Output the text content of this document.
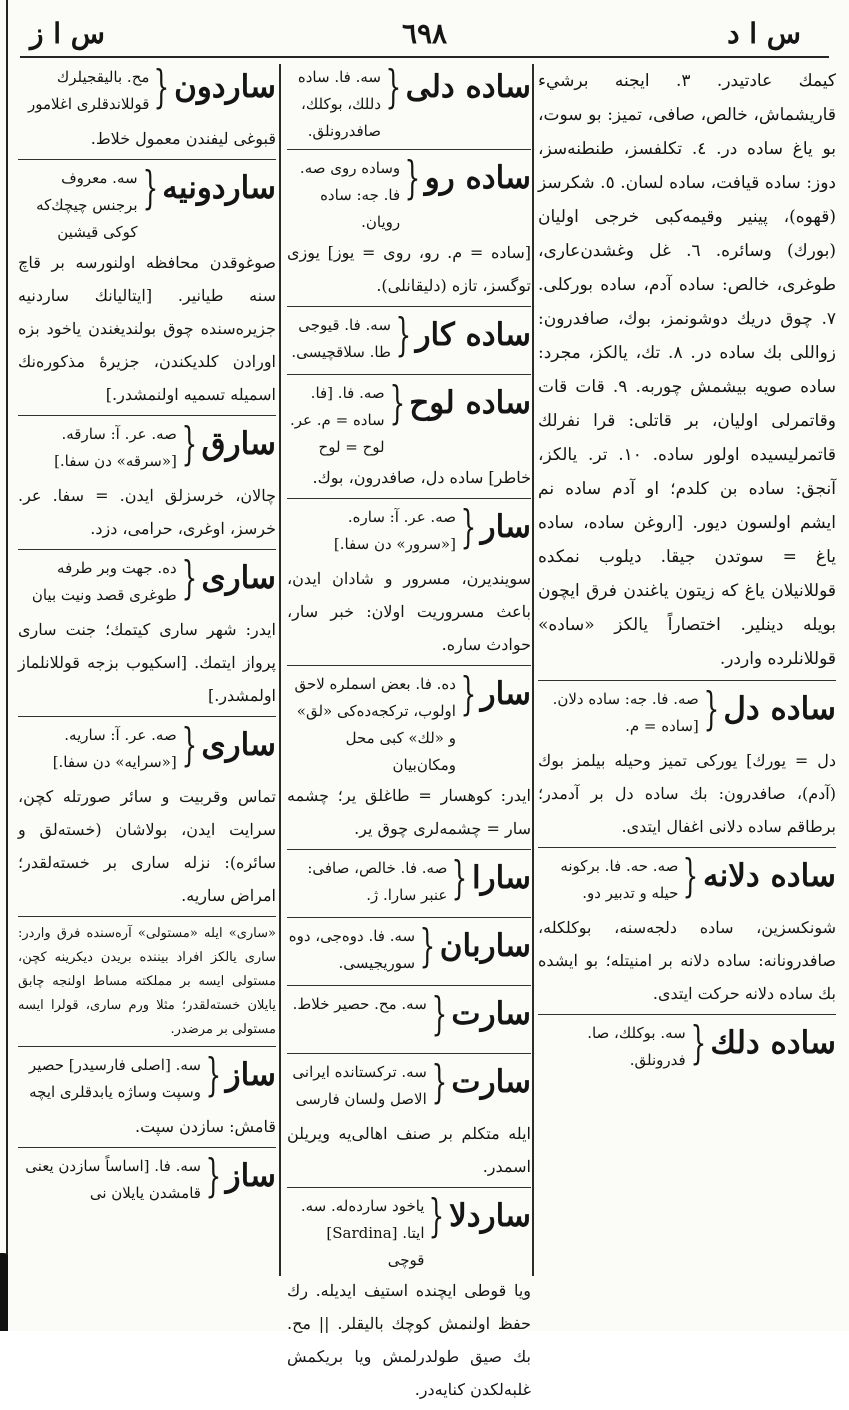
س ا د
٦٩٨
س ا ز
كيمك عادتيدر. ٣. ايجنه برشيء قاريشماش، خالص، صافى، تميز: بو سوت، بو ياغ ساده در. ٤. تكلفسز، طنطنه‌سز، دوز: ساده قيافت، ساده لسان. ٥. شكرسز (قهوه)، پينير وقيمه‌كبى خرجى اوليان (بورك) وسائره. ٦. غل وغشدن‌عارى، طوغرى، خالص: ساده آدم، ساده بوركلى. ٧. چوق دريك دوشونمز، بوك، صافدرون: زواللى بك ساده در. ٨. تك، يالكز، مجرد: ساده صويه بيشمش چوربه. ٩. قات قات وقاتمرلى اوليان، بر قاتلى: قرا نفرلك قاتمرليسيده اولور ساده. ١٠. تر. يالكز، آنجق: ساده بن كلدم؛ او آدم ساده نم ايشم اولسون ديور. [اروغن ساده، ساده ياغ = سوتدن جيقا. ديلوب نمكده قوللانيلان ياغ كه زيتون ياغندن فرق ايچون بويله دينلير. اختصاراً يالكز «ساده» قوللانلرده واردر.
ساده دل
{
صه. فا. جه: ساده دلان. [ساده = م.
دل = يورك] يوركى تميز وحيله بيلمز بوك (آدم)، صافدرون: بك ساده دل بر آدمدر؛ برطاقم ساده دلانى اغفال ايتدى.
ساده دلانه
{
صه. حه. فا. بركونه حيله و تدبير دو.
شونكسزين، ساده دلجه‌سنه، بوكلكله، صافدرونانه: ساده دلانه بر امنيتله؛ بو ايشده بك ساده دلانه حركت ايتدى.
ساده دلك
{
سه. بوكلك، صا. فدرونلق.
ساده دلى
{
سه. فا. ساده دللك، بوكلك، صافدرونلق.
ساده رو
{
وساده روى صه. فا. جه: ساده رويان.
[ساده = م. رو، روى = يوز] يوزى توگسز، تازه (دليقانلى).
ساده كار
{
سه. فا. قيوجى طا. سلاقچيسى.
ساده لوح
{
صه. فا. [فا. ساده = م. عر. لوح = لوح
خاطر] ساده دل، صافدرون، بوك.
سار
{
صه. عر. آ: ساره. [«سرور» دن سفا.]
سوينديرن، مسرور و شادان ايدن، باعث مسروريت اولان: خبر سار، حوادث ساره.
سار
{
ده. فا. بعض اسملره لاحق اولوب، تركجه‌ده‌كى «لق» و «لك» كبى محل ومكان‌بيان
ايدر: كوهسار = طاغلق ير؛ چشمه سار = چشمه‌لرى چوق ير.
سارا
{
صه. فا. خالص، صافى: عنبر سارا. ژ.
ساربان
{
سه. فا. دوه‌جى، دوه سوريجيسى.
سارت
{
سه. مح. حصير خلاط.
سارت
{
سه. تركستانده ايرانى الاصل ولسان فارسى
ايله متكلم بر صنف اهالى‌يه ويريلن اسمدر.
ساردلا
{
ياخود سارده‌له. سه. ايتا. [Sardina] قوچى
ويا قوطى ايچنده استيف ايديله. رك حفظ اولنمش كوچك باليقلر. || مح. بك صيق طولدرلمش ويا بريكمش غلبه‌لكدن كنايه‌در.
ساردون
{
مح. باليقجيلرك قوللاندقلرى اغلامور
قبوغى ليفندن معمول خلاط.
ساردونيه
{
سه. معروف برجنس چيچك‌كه كوكى قيشين
صوغوقدن محافظه اولنورسه بر قاچ سنه طيانير. [ايتاليانك ساردنيه جزيره‌سنده چوق بولنديغندن ياخود بزه اورادن كلديكندن، جزيرهٔ مذكوره‌نك اسميله تسميه اولنمشدر.]
سارق
{
صه. عر. آ: سارقه. [«سرقه» دن سفا.]
چالان، خرسزلق ايدن. = سفا. عر. خرسز، اوغرى، حرامى، دزد.
سارى
{
ده. جهت وبر طرفه طوغرى قصد ونيت بيان
ايدر: شهر سارى كيتمك؛ جنت سارى پرواز ايتمك. [اسكيوب بزجه قوللانلماز اولمشدر.]
سارى
{
صه. عر. آ: ساريه. [«سرايه» دن سفا.]
تماس وقربيت و سائر صورتله كچن، سرايت ايدن، بولاشان (خسته‌لق و سائره): نزله سارى بر خسته‌لقدر؛ امراض ساريه.
«سارى» ايله «مستولى» آره‌سنده فرق واردر: سارى يالكز افراد بيننده بريدن ديكرينه كچن، مستولى ايسه بر مملكته مساط اولنجه چابق يايلان خسته‌لقدر؛ مثلا ورم سارى، قولرا ايسه مستولى بر مرضدر.
ساز
{
سه. [اصلى فارسيدر] حصير وسپت وساژه يابدقلرى ايچه
قامش: سازدن سپت.
ساز
{
سه. فا. [اساساً سازدن يعنى قامشدن يايلان نى
